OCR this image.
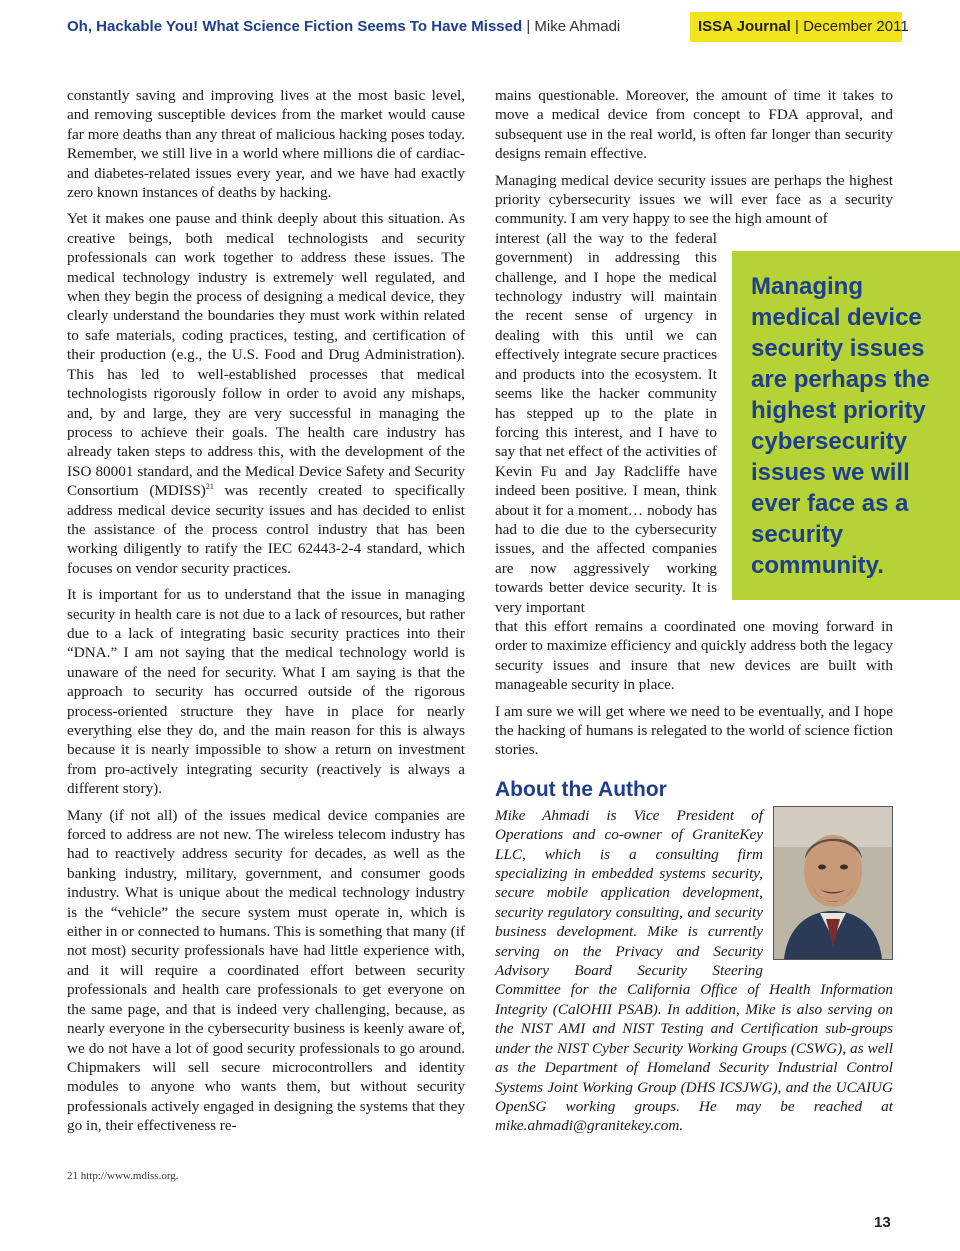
Oh, Hackable You! What Science Fiction Seems To Have Missed | Mike Ahmadi	ISSA Journal | December 2011

constantly saving and improving lives at the most basic level, and removing susceptible devices from the market would cause far more deaths than any threat of malicious hacking poses today. Remember, we still live in a world where millions die of cardiac- and diabetes-related issues every year, and we have had exactly zero known instances of deaths by hacking.

Yet it makes one pause and think deeply about this situation. As creative beings, both medical technologists and security professionals can work together to address these issues. The medical technology industry is extremely well regulated, and when they begin the process of designing a medical device, they clearly understand the boundaries they must work within related to safe materials, coding practices, testing, and certification of their production (e.g., the U.S. Food and Drug Administration). This has led to well-established processes that medical technologists rigorously follow in order to avoid any mishaps, and, by and large, they are very successful in managing the process to achieve their goals. The health care industry has already taken steps to address this, with the development of the ISO 80001 standard, and the Medical Device Safety and Security Consortium (MDISS)$^{21}$ was recently created to specifically address medical device security issues and has decided to enlist the assistance of the process control industry that has been working diligently to ratify the IEC 62443-2-4 standard, which focuses on vendor security practices.

It is important for us to understand that the issue in managing security in health care is not due to a lack of resources, but rather due to a lack of integrating basic security practices into their “DNA.” I am not saying that the medical technology world is unaware of the need for security. What I am saying is that the approach to security has occurred outside of the rigorous process-oriented structure they have in place for nearly everything else they do, and the main reason for this is always because it is nearly impossible to show a return on investment from pro-actively integrating security (reactively is always a different story).

Many (if not all) of the issues medical device companies are forced to address are not new. The wireless telecom industry has had to reactively address security for decades, as well as the banking industry, military, government, and consumer goods industry. What is unique about the medical technology industry is the “vehicle” the secure system must operate in, which is either in or connected to humans. This is something that many (if not most) security professionals have had little experience with, and it will require a coordinated effort between security professionals and health care professionals to get everyone on the same page, and that is indeed very challenging, because, as nearly everyone in the cybersecurity business is keenly aware of, we do not have a lot of good security professionals to go around. Chipmakers will sell secure microcontrollers and identity modules to anyone who wants them, but without security professionals actively engaged in designing the systems that they go in, their effectiveness re-

mains questionable. Moreover, the amount of time it takes to move a medical device from concept to FDA approval, and subsequent use in the real world, is often far longer than security designs remain effective.

Managing medical device security issues are perhaps the highest priority cybersecurity issues we will ever face as a security community. I am very happy to see the high amount of

interest (all the way to the federal government) in addressing this challenge, and I hope the medical technology industry will maintain the recent sense of urgency in dealing with this until we can effectively integrate secure practices and products into the ecosystem. It seems like the hacker community has stepped up to the plate in forcing this interest, and I have to say that net effect of the activities of Kevin Fu and Jay Radcliffe have indeed been positive. I mean, think about it for a moment… nobody has had to die due to the cybersecurity issues, and the affected companies are now aggressively working towards better device security. It is very important

that this effort remains a coordinated one moving forward in order to maximize efficiency and quickly address both the legacy security issues and insure that new devices are built with manageable security in place.

I am sure we will get where we need to be eventually, and I hope the hacking of humans is relegated to the world of science fiction stories.

About the Author
Mike Ahmadi is Vice President of Operations and co-owner of GraniteKey LLC, which is a consulting firm specializing in embedded systems security, secure mobile application development, security regulatory consulting, and security business development. Mike is currently serving on the Privacy and Security Advisory Board Security Steering Committee for the California Office of Health Information Integrity (CalOHII PSAB). In addition, Mike is also serving on the NIST AMI and NIST Testing and Certification sub-groups under the NIST Cyber Security Working Groups (CSWG), as well as the Department of Homeland Security Industrial Control Systems Joint Working Group (DHS ICSJWG), and the UCAIUG OpenSG working groups. He may be reached at mike.ahmadi@granitekey.com.
Managing medical device security issues are perhaps the highest priority cybersecurity issues we will ever face as a security community.
21 http://www.mdiss.org.
13
